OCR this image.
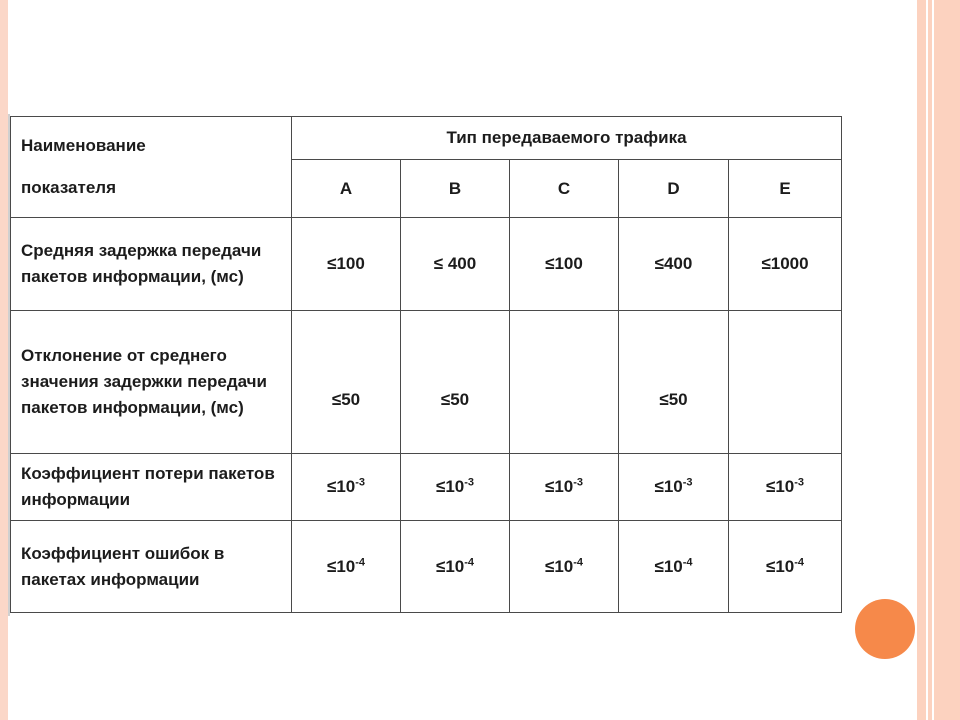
Наименование
показателя	Тип передаваемого трафика				
	A	B	C	D	E
Средняя задержка передачи пакетов информации, (мс)	≤100	≤ 400	≤100	≤400	≤1000
Отклонение от среднего значения задержки передачи пакетов информации, (мс)	≤50	≤50		≤50	
Коэффициент потери пакетов информации	$\le 10^{-3}$	$\le 10^{-3}$	$\le 10^{-3}$	$\le 10^{-3}$	$\le 10^{-3}$
Коэффициент ошибок в пакетах информации	$\le 10^{-4}$	$\le 10^{-4}$	$\le 10^{-4}$	$\le 10^{-4}$	$\le 10^{-4}$
